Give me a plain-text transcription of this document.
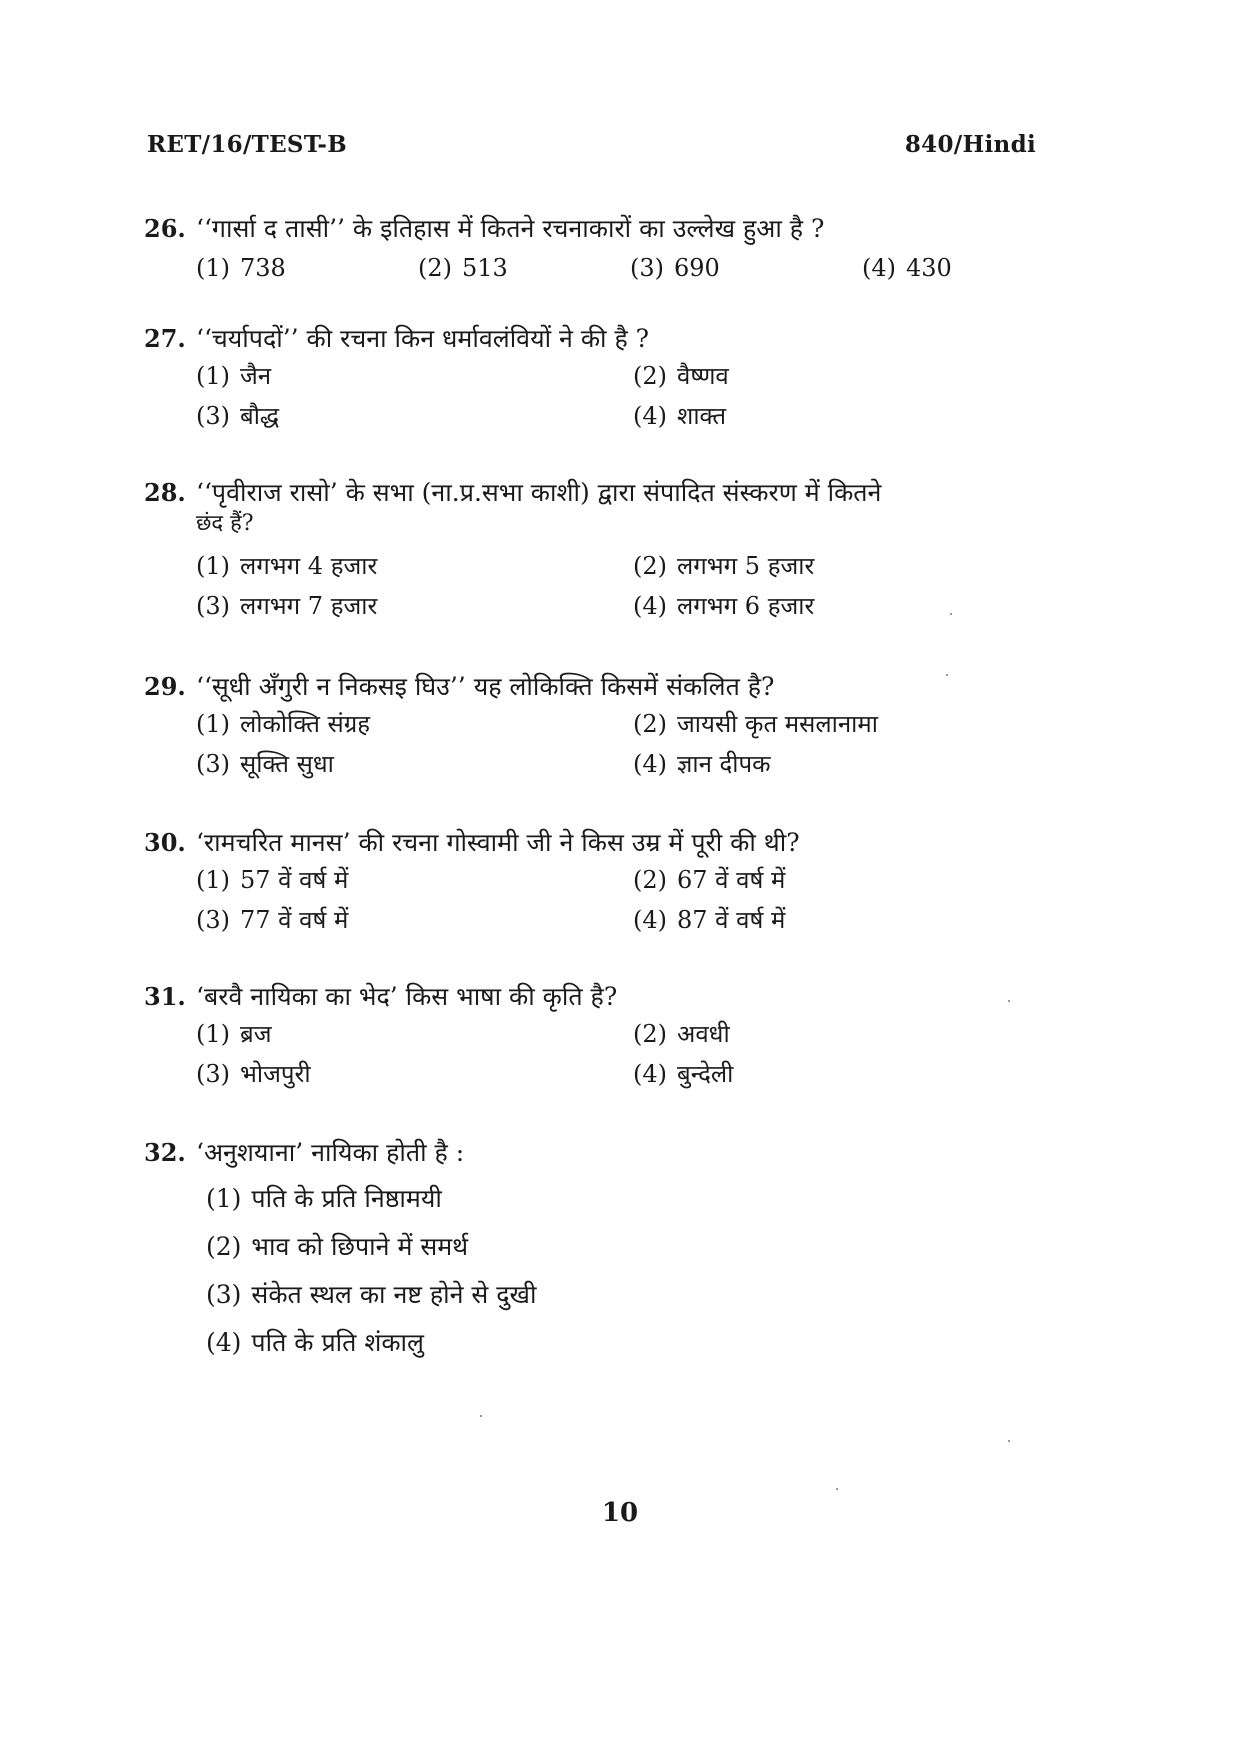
RET/16/TEST-B	840/Hindi
26. ‘‘गार्सा द तासी’’ के इतिहास में कितने रचनाकारों का उल्लेख हुआ है ?
(1) 738	(2) 513	(3) 690	(4) 430
27. ‘‘चर्यापदों’’ की रचना किन धर्मावलंवियों ने की है ?
(1) जैन	(2) वैष्णव
(3) बौद्ध	(4) शाक्त
28. ‘‘पृवीराज रासो’ के सभा (ना.प्र.सभा काशी) द्वारा संपादित संस्करण में कितने
छंद हैं?
(1) लगभग 4 हजार	(2) लगभग 5 हजार
(3) लगभग 7 हजार	(4) लगभग 6 हजार
29. ‘‘सूधी अँगुरी न निकसइ घिउ’’ यह लोकिक्ति किसमें संकलित है?
(1) लोकोक्ति संग्रह	(2) जायसी कृत मसलानामा
(3) सूक्ति सुधा	(4) ज्ञान दीपक
30. ‘रामचरित मानस’ की रचना गोस्वामी जी ने किस उम्र में पूरी की थी?
(1) 57 वें वर्ष में	(2) 67 वें वर्ष में
(3) 77 वें वर्ष में	(4) 87 वें वर्ष में
31. ‘बरवै नायिका का भेद’ किस भाषा की कृति है?
(1) ब्रज	(2) अवधी
(3) भोजपुरी	(4) बुन्देली
32. ‘अनुशयाना’ नायिका होती है :
(1) पति के प्रति निष्ठामयी
(2) भाव को छिपाने में समर्थ
(3) संकेत स्थल का नष्ट होने से दुखी
(4) पति के प्रति शंकालु
10
